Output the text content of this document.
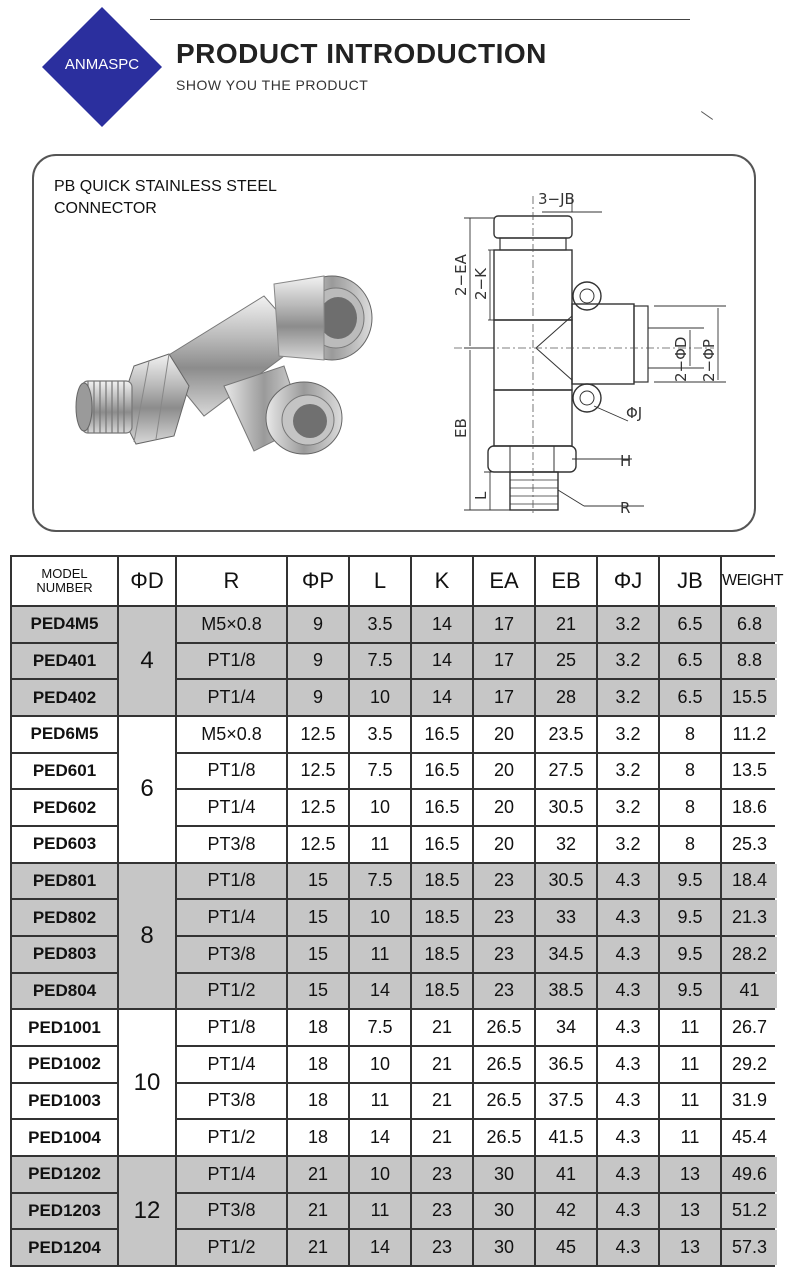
ANMASPC	PRODUCT INTRODUCTION
SHOW YOU THE PRODUCT
PB QUICK STAINLESS STEEL
CONNECTOR
3−JB
2−EA 2−K
EB
L
2−ΦD 2−ΦP
ΦJ
H
R
MODEL
NUMBER	ΦD	R	ΦP	L	K	EA	EB	ΦJ	JB	WEIGHT
PED4M5	4	M5×0.8	9	3.5	14	17	21	3.2	6.5	6.8
PED401		PT1/8	9	7.5	14	17	25	3.2	6.5	8.8
PED402		PT1/4	9	10	14	17	28	3.2	6.5	15.5
PED6M5	6	M5×0.8	12.5	3.5	16.5	20	23.5	3.2	8	11.2
PED601		PT1/8	12.5	7.5	16.5	20	27.5	3.2	8	13.5
PED602		PT1/4	12.5	10	16.5	20	30.5	3.2	8	18.6
PED603		PT3/8	12.5	11	16.5	20	32	3.2	8	25.3
PED801	8	PT1/8	15	7.5	18.5	23	30.5	4.3	9.5	18.4
PED802		PT1/4	15	10	18.5	23	33	4.3	9.5	21.3
PED803		PT3/8	15	11	18.5	23	34.5	4.3	9.5	28.2
PED804		PT1/2	15	14	18.5	23	38.5	4.3	9.5	41
PED1001	10	PT1/8	18	7.5	21	26.5	34	4.3	11	26.7
PED1002		PT1/4	18	10	21	26.5	36.5	4.3	11	29.2
PED1003		PT3/8	18	11	21	26.5	37.5	4.3	11	31.9
PED1004		PT1/2	18	14	21	26.5	41.5	4.3	11	45.4
PED1202	12	PT1/4	21	10	23	30	41	4.3	13	49.6
PED1203		PT3/8	21	11	23	30	42	4.3	13	51.2
PED1204		PT1/2	21	14	23	30	45	4.3	13	57.3
